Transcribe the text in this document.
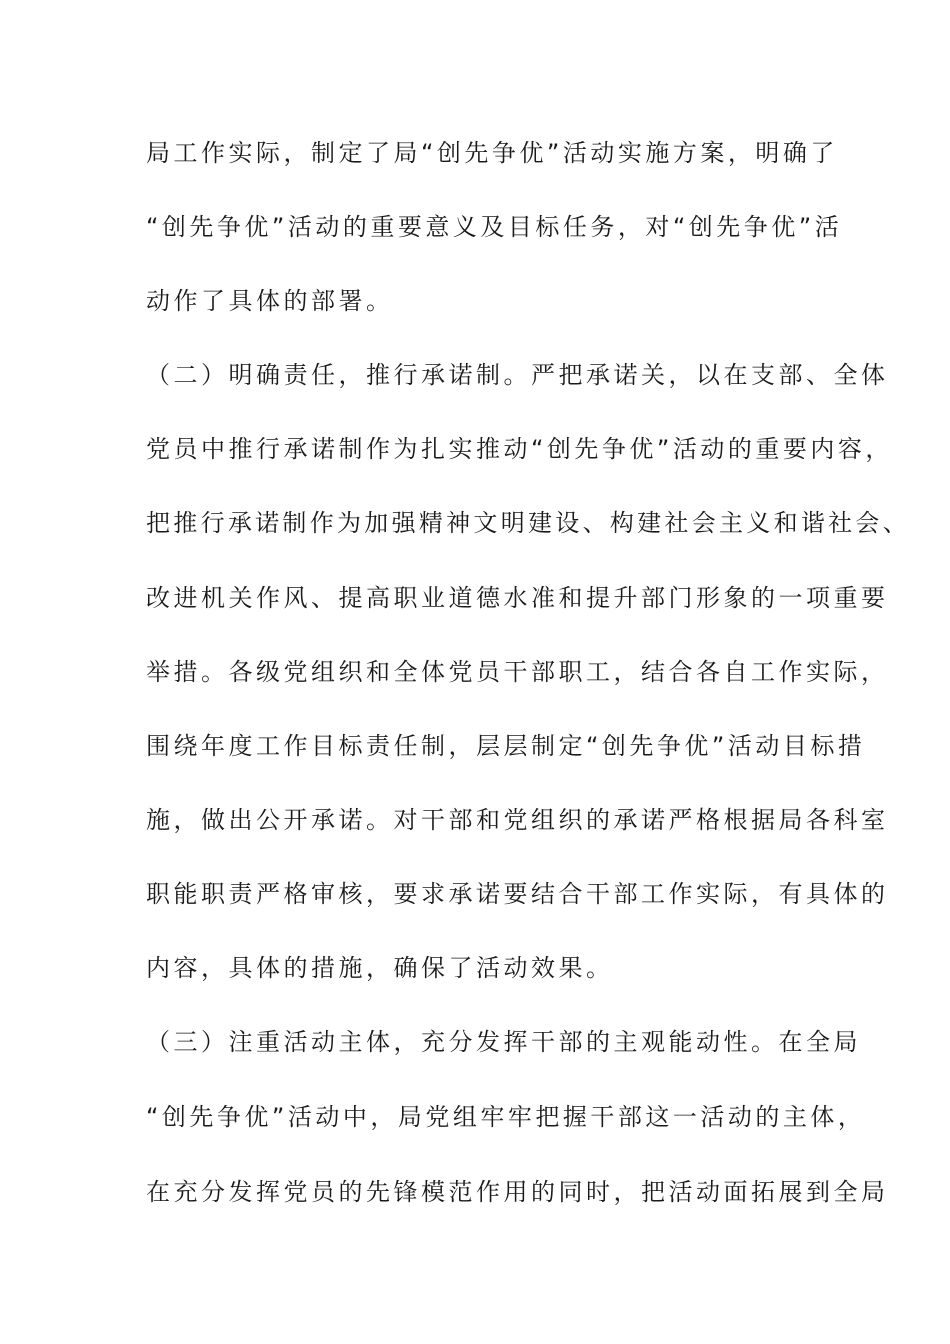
局工作实际，制定了局“创先争优”活动实施方案，明确了
“创先争优”活动的重要意义及目标任务，对“创先争优”活
动作了具体的部署。
（二）明确责任，推行承诺制。严把承诺关，以在支部、全体
党员中推行承诺制作为扎实推动“创先争优”活动的重要内容，
把推行承诺制作为加强精神文明建设、构建社会主义和谐社会、
改进机关作风、提高职业道德水准和提升部门形象的一项重要
举措。各级党组织和全体党员干部职工，结合各自工作实际，
围绕年度工作目标责任制，层层制定“创先争优”活动目标措
施，做出公开承诺。对干部和党组织的承诺严格根据局各科室
职能职责严格审核，要求承诺要结合干部工作实际，有具体的
内容，具体的措施，确保了活动效果。
（三）注重活动主体，充分发挥干部的主观能动性。在全局
“创先争优”活动中，局党组牢牢把握干部这一活动的主体，
在充分发挥党员的先锋模范作用的同时，把活动面拓展到全局
